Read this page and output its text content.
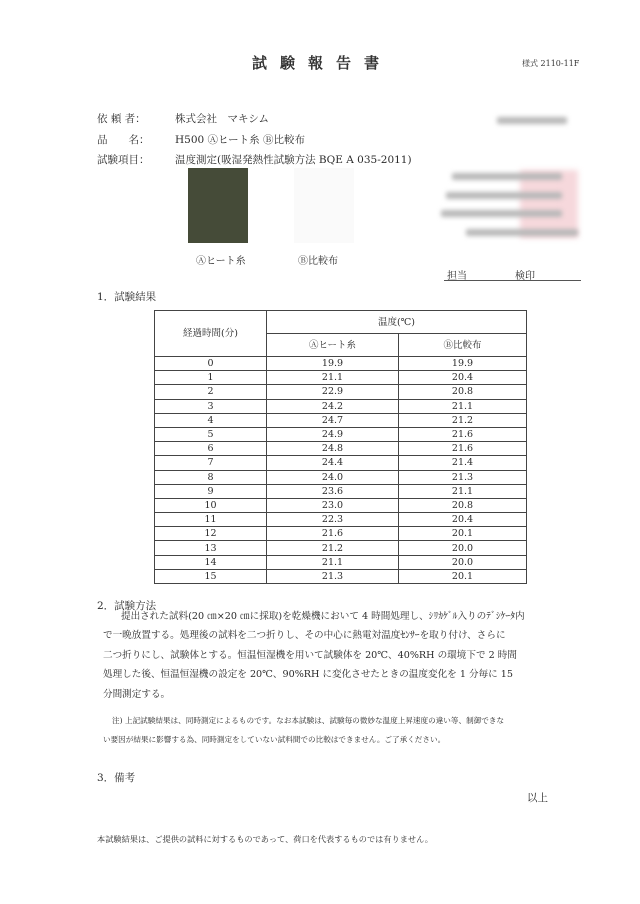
試験報告書	様式 2110-11F
依 頼 者：	株式会社　マキシム
品　　名： H500 Ⓐヒート糸 Ⓑ比較布
試験項目： 温度測定(吸湿発熱性試験方法 BQE A 035-2011)
Ⓐヒート糸	Ⓑ比較布
担当	検印
1．試験結果
経過時間(分)	温度(℃)	
	Ⓐヒート糸	Ⓑ比較布
0	19.9	19.9
1	21.1	20.4
2	22.9	20.8
3	24.2	21.1
4	24.7	21.2
5	24.9	21.6
6	24.8	21.6
7	24.4	21.4
8	24.0	21.3
9	23.6	21.1
10	23.0	20.8
11	22.3	20.4
12	21.6	20.1
13	21.2	20.0
14	21.1	20.0
15	21.3	20.1
2．試験方法
提出された試料(20 ㎝×20 ㎝に採取)を乾燥機において 4 時間処理し、ｼﾘｶｹﾞﾙ入りのﾃﾞｼｹｰﾀ内
で一晩放置する。処理後の試料を二つ折りし、その中心に熱電対温度ｾﾝｻｰを取り付け、さらに
二つ折りにし、試験体とする。恒温恒湿機を用いて試験体を 20℃、40%RH の環境下で 2 時間
処理した後、恒温恒湿機の設定を 20℃、90%RH に変化させたときの温度変化を 1 分毎に 15
分間測定する。
注) 上記試験結果は、同時測定によるものです。なお本試験は、試験毎の微妙な温度上昇速度の違い等、制御できな
い要因が結果に影響する為、同時測定をしていない試料間での比較はできません。ご了承ください。
3．備考
以上
本試験結果は、ご提供の試料に対するものであって、荷口を代表するものでは有りません。
